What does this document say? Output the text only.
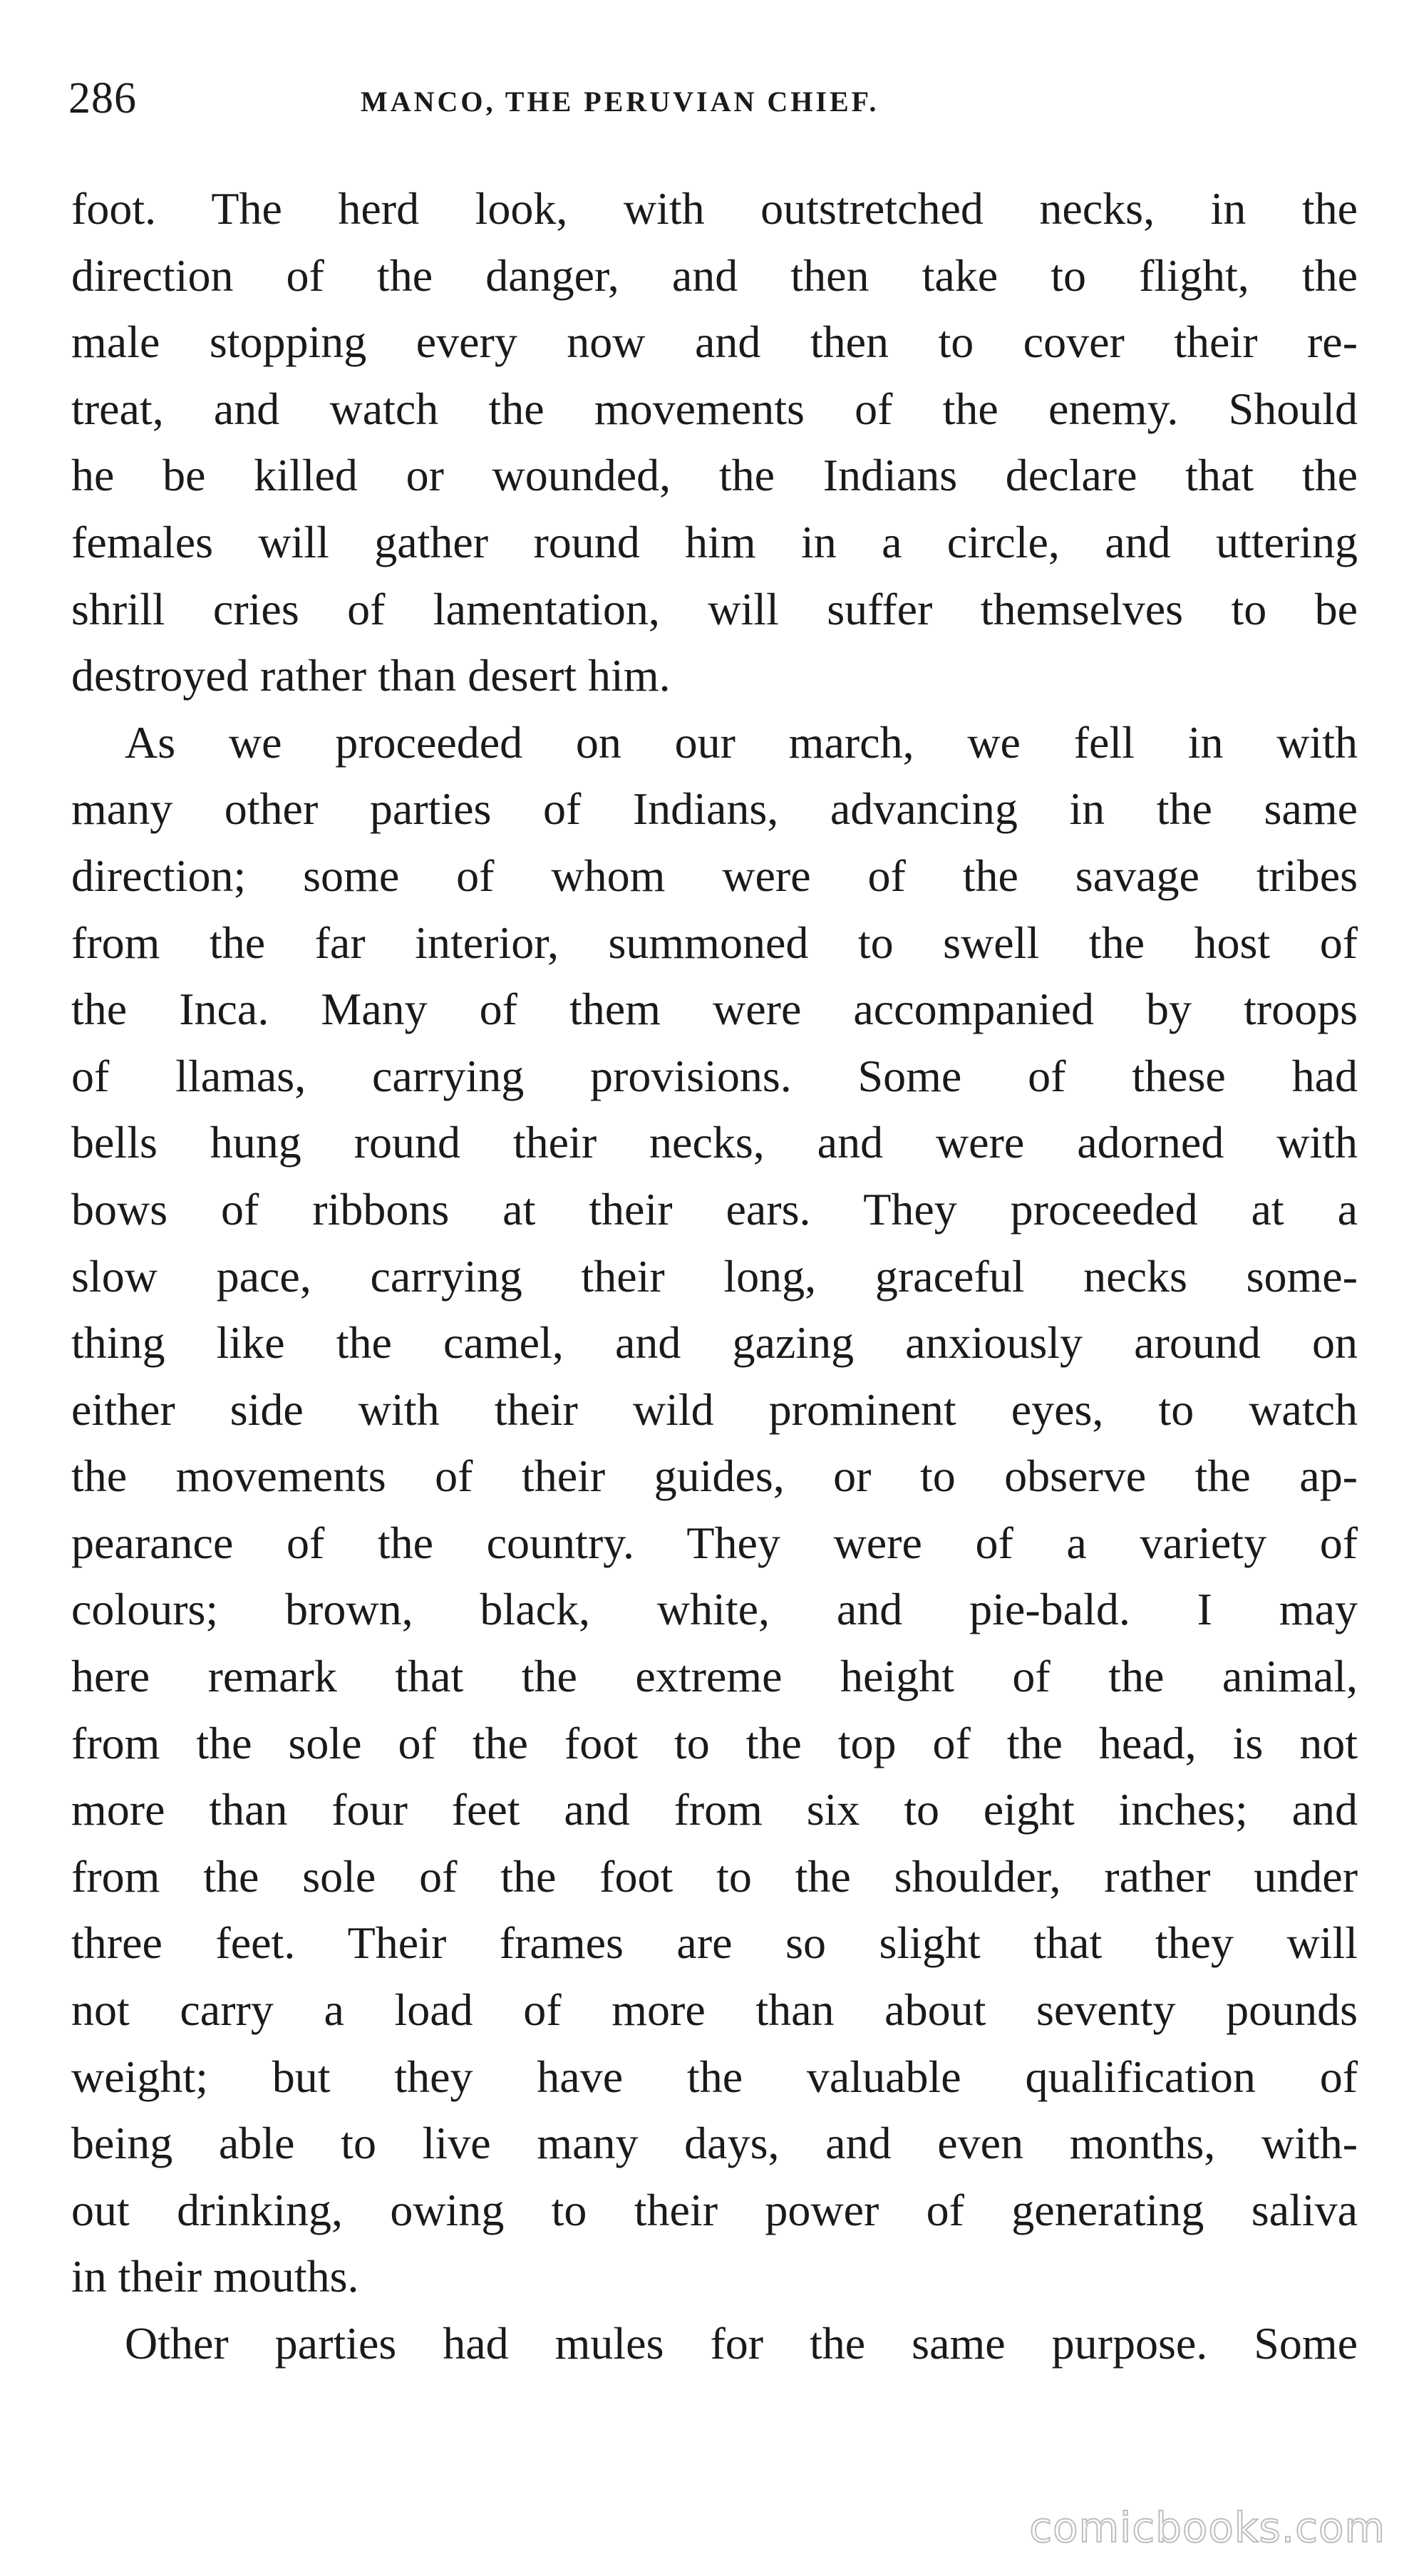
286	MANCO, THE PERUVIAN CHIEF.
foot. The herd look, with outstretched necks, in the
direction of the danger, and then take to flight, the
male stopping every now and then to cover their re-
treat, and watch the movements of the enemy. Should
he be killed or wounded, the Indians declare that the
females will gather round him in a circle, and uttering
shrill cries of lamentation, will suffer themselves to be
destroyed rather than desert him.
As we proceeded on our march, we fell in with
many other parties of Indians, advancing in the same
direction; some of whom were of the savage tribes
from the far interior, summoned to swell the host of
the Inca. Many of them were accompanied by troops
of llamas, carrying provisions. Some of these had
bells hung round their necks, and were adorned with
bows of ribbons at their ears. They proceeded at a
slow pace, carrying their long, graceful necks some-
thing like the camel, and gazing anxiously around on
either side with their wild prominent eyes, to watch
the movements of their guides, or to observe the ap-
pearance of the country. They were of a variety of
colours; brown, black, white, and pie-bald. I may
here remark that the extreme height of the animal,
from the sole of the foot to the top of the head, is not
more than four feet and from six to eight inches; and
from the sole of the foot to the shoulder, rather under
three feet. Their frames are so slight that they will
not carry a load of more than about seventy pounds
weight; but they have the valuable qualification of
being able to live many days, and even months, with-
out drinking, owing to their power of generating saliva
in their mouths.
Other parties had mules for the same purpose. Some
comicbooks.com
